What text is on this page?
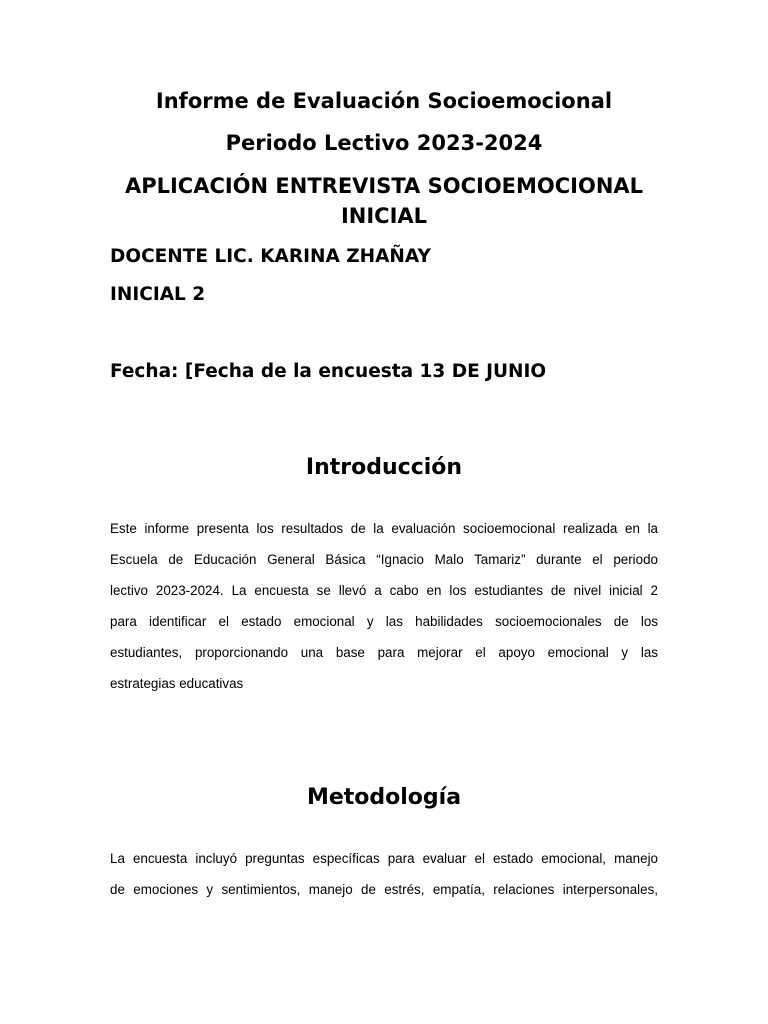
Informe de Evaluación Socioemocional
Periodo Lectivo 2023-2024
APLICACIÓN ENTREVISTA SOCIOEMOCIONAL INICIAL
DOCENTE LIC. KARINA ZHAÑAY
INICIAL 2
Fecha: [Fecha de la encuesta 13 DE JUNIO
Introducción
Este informe presenta los resultados de la evaluación socioemocional realizada en la
Escuela de Educación General Básica “Ignacio Malo Tamariz” durante el periodo
lectivo 2023-2024. La encuesta se llevó a cabo en los estudiantes de nivel inicial 2
para identificar el estado emocional y las habilidades socioemocionales de los
estudiantes, proporcionando una base para mejorar el apoyo emocional y las
estrategias educativas
Metodología
La encuesta incluyó preguntas específicas para evaluar el estado emocional, manejo
de emociones y sentimientos, manejo de estrés, empatía, relaciones interpersonales,
